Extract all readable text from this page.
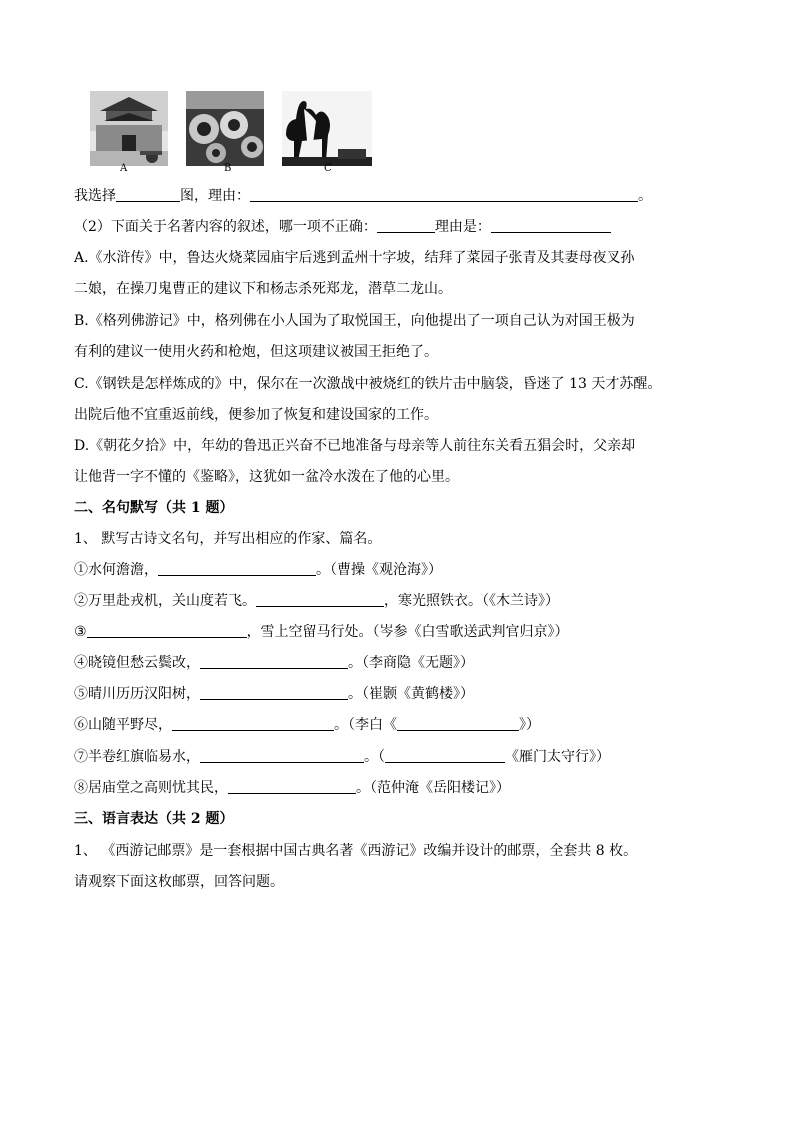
A	B	C
我选择	图，理由：	。
（2）下面关于名著内容的叙述，哪一项不正确：	理由是：
A.《水浒传》中，鲁达火烧菜园庙宇后逃到孟州十字坡，结拜了菜园子张青及其妻母夜叉孙
二娘，在操刀鬼曹正的建议下和杨志杀死郑龙，潜草二龙山。
B.《格列佛游记》中，格列佛在小人国为了取悦国王，向他提出了一项自己认为对国王极为
有利的建议一使用火药和枪炮，但这项建议被国王拒绝了。
C.《钢铁是怎样炼成的》中，保尔在一次激战中被烧红的铁片击中脑袋，昏迷了 13 天才苏醒。
出院后他不宜重返前线，便参加了恢复和建设国家的工作。
D.《朝花夕拾》中，年幼的鲁迅正兴奋不已地准备与母亲等人前往东关看五猖会时，父亲却
让他背一字不懂的《鉴略》，这犹如一盆冷水泼在了他的心里。
二、名句默写（共 1 题）
1、 默写古诗文名句，并写出相应的作家、篇名。
①水何澹澹，	。（曹操《观沧海》）
②万里赴戎机，关山度若飞。	，寒光照铁衣。（《木兰诗》）
③	，雪上空留马行处。（岑参《白雪歌送武判官归京》）
④晓镜但愁云鬓改，	。（李商隐《无题》）
⑤晴川历历汉阳树，	。（崔颢《黄鹤楼》）
⑥山随平野尽，	。（李白《	》）
⑦半卷红旗临易水，	。（	《雁门太守行》）
⑧居庙堂之高则忧其民，	。（范仲淹《岳阳楼记》）
三、语言表达（共 2 题）
1、 《西游记邮票》是一套根据中国古典名著《西游记》改编并设计的邮票，全套共 8 枚。
请观察下面这枚邮票，回答问题。
